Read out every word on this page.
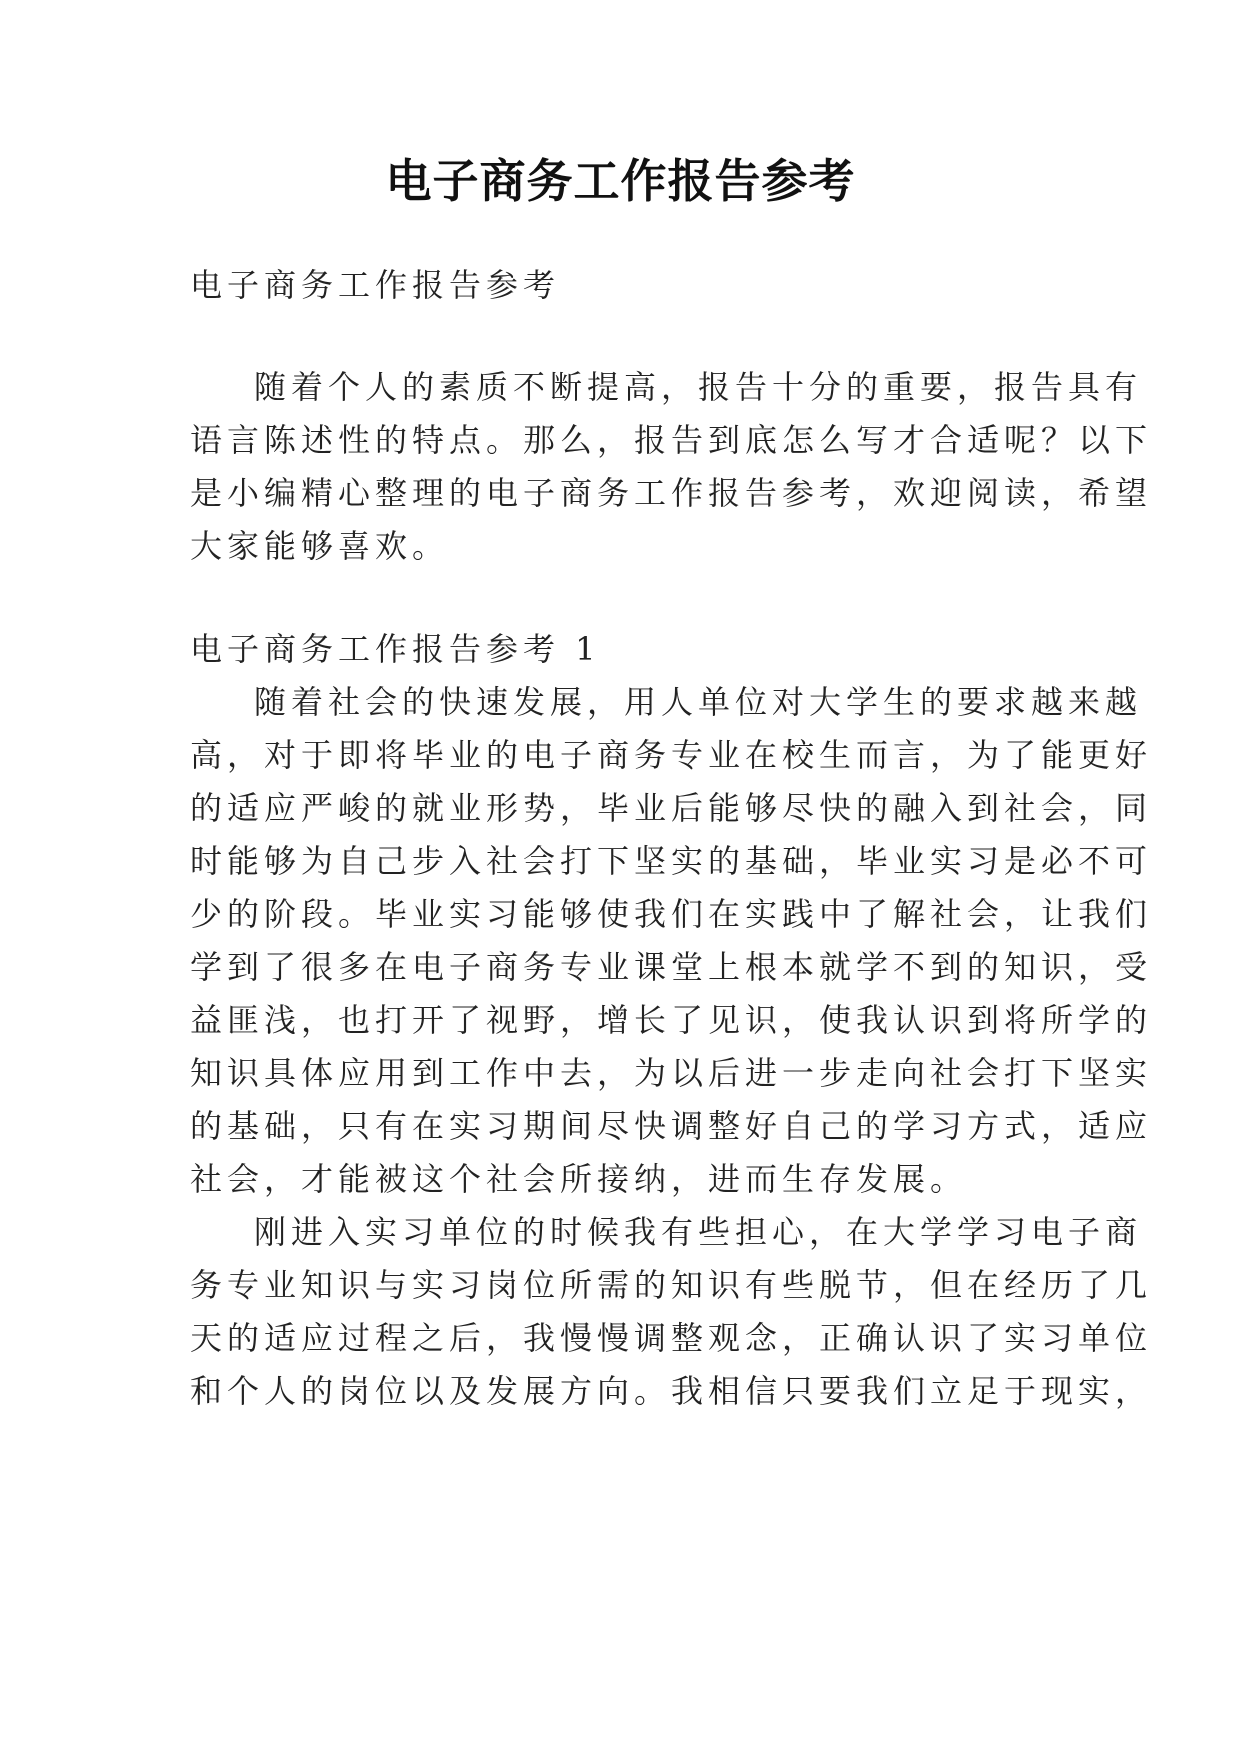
电子商务工作报告参考
电子商务工作报告参考
随着个人的素质不断提高，报告十分的重要，报告具有
语言陈述性的特点。那么，报告到底怎么写才合适呢？以下
是小编精心整理的电子商务工作报告参考，欢迎阅读，希望
大家能够喜欢。
电子商务工作报告参考 1
随着社会的快速发展，用人单位对大学生的要求越来越
高，对于即将毕业的电子商务专业在校生而言，为了能更好
的适应严峻的就业形势，毕业后能够尽快的融入到社会，同
时能够为自己步入社会打下坚实的基础，毕业实习是必不可
少的阶段。毕业实习能够使我们在实践中了解社会，让我们
学到了很多在电子商务专业课堂上根本就学不到的知识，受
益匪浅，也打开了视野，增长了见识，使我认识到将所学的
知识具体应用到工作中去，为以后进一步走向社会打下坚实
的基础，只有在实习期间尽快调整好自己的学习方式，适应
社会，才能被这个社会所接纳，进而生存发展。
刚进入实习单位的时候我有些担心，在大学学习电子商
务专业知识与实习岗位所需的知识有些脱节，但在经历了几
天的适应过程之后，我慢慢调整观念，正确认识了实习单位
和个人的岗位以及发展方向。我相信只要我们立足于现实，
